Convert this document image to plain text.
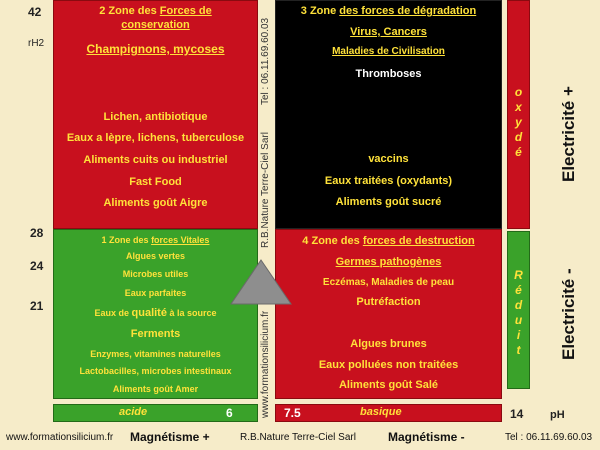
42
rH2
28
24
21
2 Zone des Forces de
conservation
Champignons, mycoses
Lichen, antibiotique
Eaux a lèpre, lichens, tuberculose
Aliments cuits ou industriel
Fast Food
Aliments goût Aigre
3 Zone des forces de dégradation
Virus, Cancers
Maladies de Civilisation
Thromboses
vaccins
Eaux traitées (oxydants)
Aliments goût sucré
1 Zone des forces Vitales
Algues vertes
Microbes utiles
Eaux parfaites
Eaux de qualité à la source
Ferments
Enzymes, vitamines naturelles
Lactobacilles, microbes intestinaux
Aliments goût Amer
4 Zone des forces de destruction
Germes pathogènes
Eczémas, Maladies de peau
Putréfaction
Algues brunes
Eaux polluées non traitées
Aliments goût Salé
Tel : 06.11.69.60.03
R.B.Nature Terre-Ciel Sarl
www.formationsilicium.fr
o
x
y
d
é
R
é
d
u
i
t
Electricité +
Electricité -
acide	6	7.5	basique	14 pH
www.formationsilicium.fr Magnétisme +	R.B.Nature Terre-Ciel Sarl	Magnétisme -	Tel : 06.11.69.60.03
